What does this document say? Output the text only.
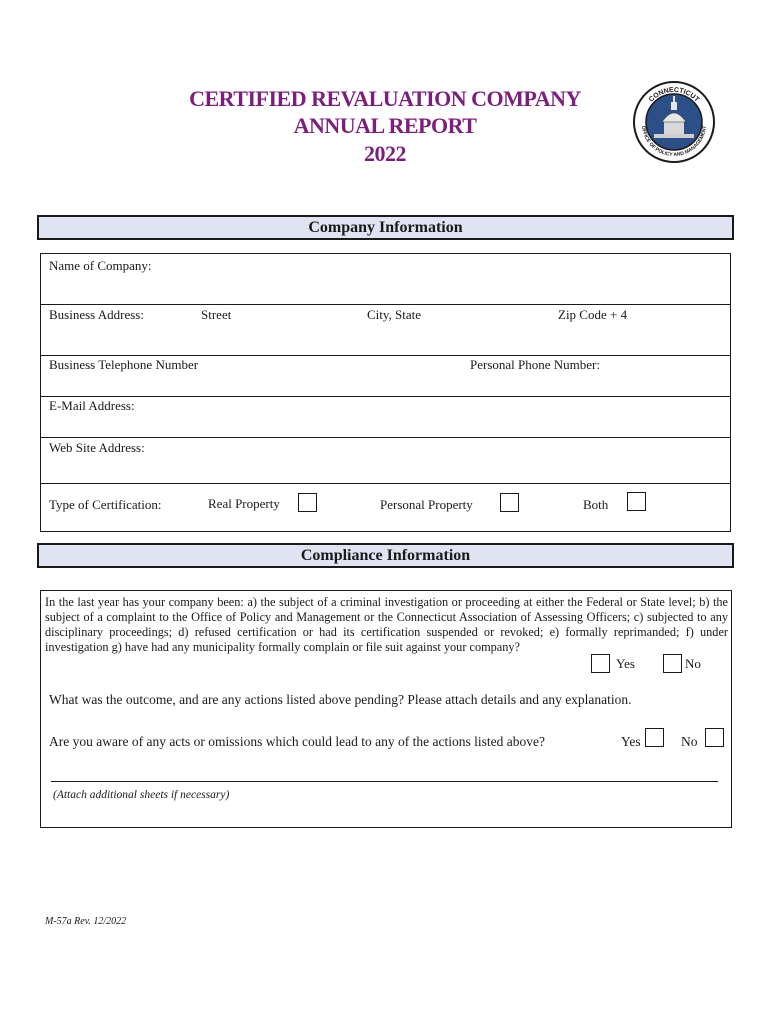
CERTIFIED REVALUATION COMPANY
ANNUAL REPORT
2022
CONNECTICUT
OFFICE OF POLICY AND MANAGEMENT
Company Information
Name of Company:
Business Address:	Street	City, State	Zip Code + 4
Business Telephone Number	Personal Phone Number:
E-Mail Address:
Web Site Address:
Type of Certification:	Real Property	Personal Property	Both
Compliance Information
In the last year has your company been: a) the subject of a criminal investigation or proceeding at either the Federal or State level; b) the subject of a complaint to the Office of Policy and Management or the Connecticut Association of Assessing Officers; c) subjected to any disciplinary proceedings; d) refused certification or had its certification suspended or revoked; e) formally reprimanded; f) under investigation g) have had any municipality formally complain or file suit against your company?
Yes	No
What was the outcome, and are any actions listed above pending? Please attach details and any explanation.
Are you aware of any acts or omissions which could lead to any of the actions listed above?	Yes	No
(Attach additional sheets if necessary)
M-57a Rev. 12/2022
